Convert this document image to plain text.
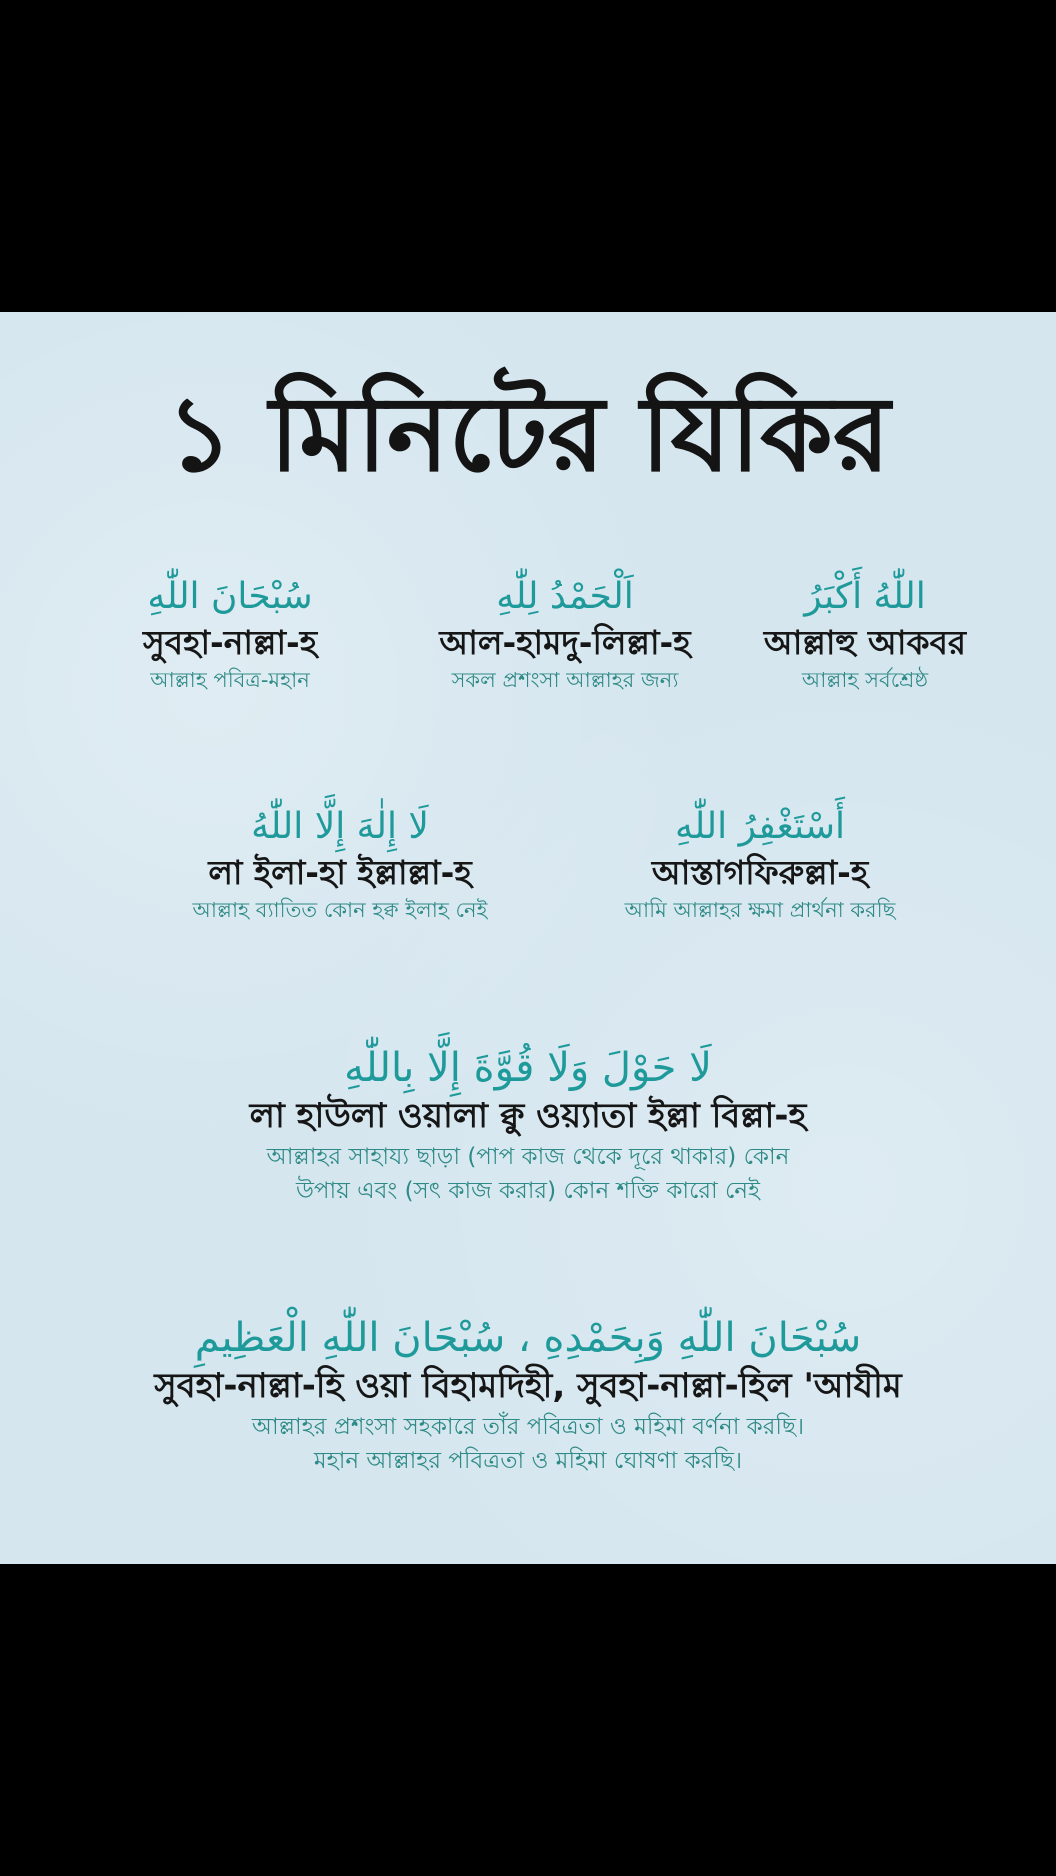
১ মিনিটের যিকির
اللّٰهُ أَكْبَرُ
আল্লাহু আকবর
আল্লাহ সর্বশ্রেষ্ঠ
اَلْحَمْدُ لِلّٰهِ
আল-হামদু-লিল্লা-হ
সকল প্রশংসা আল্লাহর জন্য
سُبْحَانَ اللّٰهِ
সুবহা-নাল্লা-হ
আল্লাহ পবিত্র-মহান
أَسْتَغْفِرُ اللّٰهِ
আস্তাগফিরুল্লা-হ
আমি আল্লাহর ক্ষমা প্রার্থনা করছি
لَا إِلٰهَ إِلَّا اللّٰهُ
লা ইলা-হা ইল্লাল্লা-হ
আল্লাহ ব্যাতিত কোন হক্ব ইলাহ নেই
لَا حَوْلَ وَلَا قُوَّةَ إِلَّا بِاللّٰهِ
লা হাউলা ওয়ালা ক্বু ওয়্যাতা ইল্লা বিল্লা-হ
আল্লাহর সাহায্য ছাড়া (পাপ কাজ থেকে দূরে থাকার) কোন
উপায় এবং (সৎ কাজ করার) কোন শক্তি কারো নেই
سُبْحَانَ اللّٰهِ وَبِحَمْدِهِ ، سُبْحَانَ اللّٰهِ الْعَظِيمِ
সুবহা-নাল্লা-হি ওয়া বিহামদিহী, সুবহা-নাল্লা-হিল 'আযীম
আল্লাহর প্রশংসা সহকারে তাঁর পবিত্রতা ও মহিমা বর্ণনা করছি।
মহান আল্লাহর পবিত্রতা ও মহিমা ঘোষণা করছি।
